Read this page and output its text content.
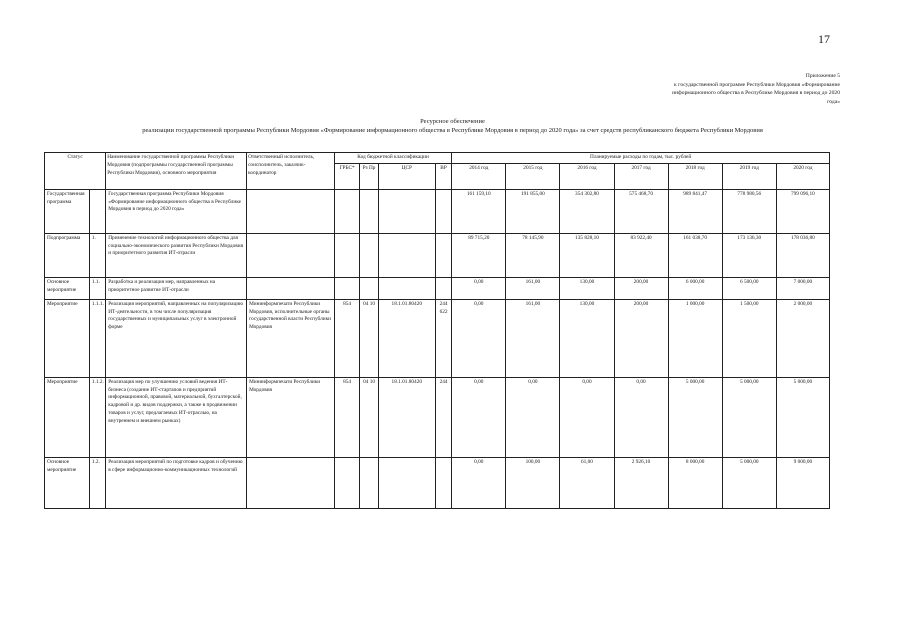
17
Приложение 5
к государственной программе Республики Мордовия «Формирование
информационного общества в Республике Мордовия в период до 2020
года»
Ресурсное обеспечение
реализации государственной программы Республики Мордовия «Формирование информационного общества в Республике Мордовия в период до 2020 года» за счет средств республиканского бюджета Республики Мордовия
Статус		Наименование государственной программы Республики Мордовия (подпрограммы государственной программы Республики Мордовия), основного мероприятия	Ответственный исполнитель, соисполнитель, заказчик-координатор	Код бюджетной классификации				Планируемые расходы по годам, тыс. рублей						
				ГРБС*	Рз Пр	ЦСР	ВР	2014 год	2015 год	2016 год	2017 год	2018 год	2019 год	2020 год
Государственная программа		Государственная программа Республики Мордовия «Формирование информационного общества в Республике Мордовия в период до 2020 года»						161 159,10	191 855,00	354 302,80	575 468,70	989 841,47	778 980,56	799 096,10
Подпрограмма	1.	Применение технологий информационного общества для социально-экономического развития Республики Мордовия и приоритетного развития ИТ-отрасли						89 715,20	78 145,90	135 828,10	83 922,40	161 038,70	173 136,30	178 036,80
Основное мероприятие	1.1.	Разработка и реализация мер, направленных на приоритетное развитие ИТ-отрасли						0,00	161,00	130,00	200,00	6 000,00	6 500,00	7 000,00
Мероприятие	1.1.1.	Реализация мероприятий, направленных на популяризацию ИТ-деятельности, в том числе популяризация государственных и муниципальных услуг в электронной форме	Мининформпечати Республики Мордовия, исполнительные органы государственной власти Республики Мордовия	854	04 10	18.1.01.80420	244 622	0,00	161,00	130,00	200,00	1 000,00	1 500,00	2 000,00
Мероприятие	1.1.2.	Реализация мер по улучшению условий ведения ИТ-бизнеса (создание ИТ-стартапов и предприятий информационной, правовой, материальной, бухгалтерской, кадровой и др. видов поддержки, а также в продвижении товаров и услуг, предлагаемых ИТ-отраслью, на внутреннем и внешнем рынках)	Мининформпечати Республики Мордовия	854	04 10	18.1.01.80420	244	0,00	0,00	0,00	0,00	5 000,00	5 000,00	5 000,00
Основное мероприятие	1.2.	Реализация мероприятий по подготовке кадров и обучению в сфере информационно-коммуникационных технологий						0,00	100,00	61,00	2 926,10	8 000,00	5 000,00	9 000,00
